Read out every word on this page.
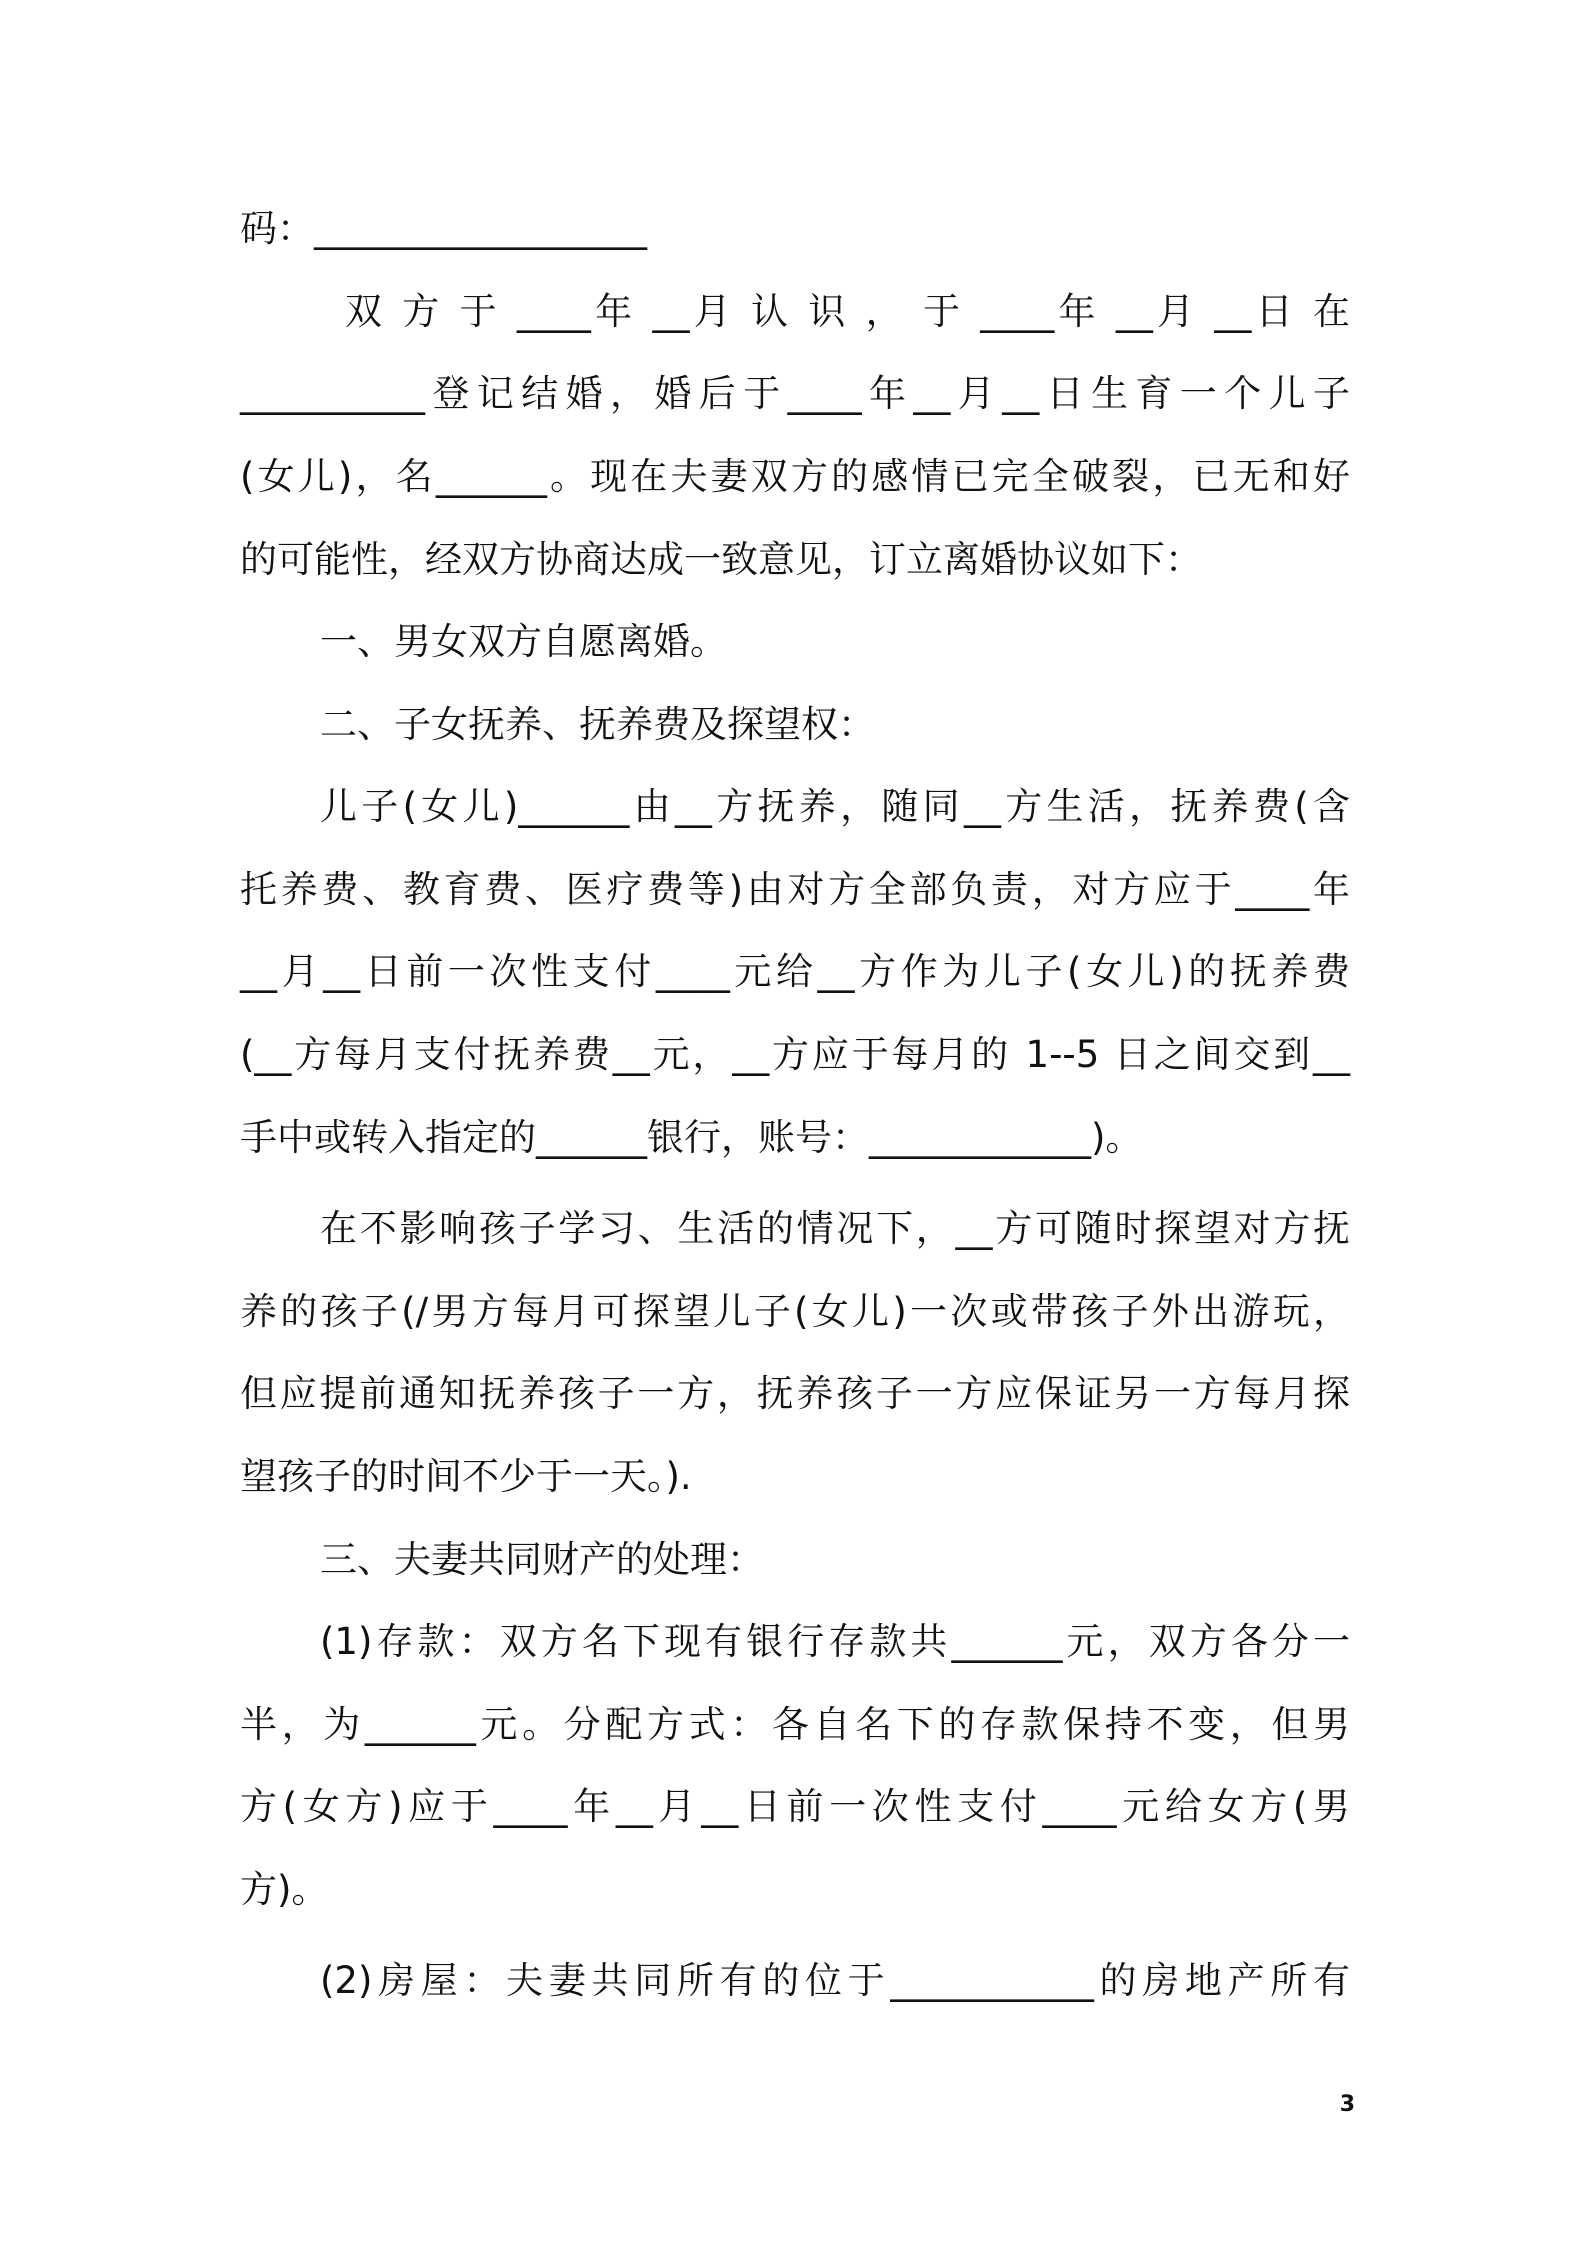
码：__________________
双 方 于 ____年 __月 认 识 ， 于 ____年 __月 __日 在
__________登记结婚，婚后于____年__月__日生育一个儿子
(女儿)，名______。现在夫妻双方的感情已完全破裂，已无和好
的可能性，经双方协商达成一致意见，订立离婚协议如下：
一、男女双方自愿离婚。
二、子女抚养、抚养费及探望权：
儿子(女儿)______由__方抚养，随同__方生活，抚养费(含
托养费、教育费、医疗费等)由对方全部负责，对方应于____年
__月__日前一次性支付____元给__方作为儿子(女儿)的抚养费
(__方每月支付抚养费__元，__方应于每月的 1--5 日之间交到__
手中或转入指定的______银行，账号：____________)。
在不影响孩子学习、生活的情况下，__方可随时探望对方抚
养的孩子(/男方每月可探望儿子(女儿)一次或带孩子外出游玩，
但应提前通知抚养孩子一方，抚养孩子一方应保证另一方每月探
望孩子的时间不少于一天。).
三、夫妻共同财产的处理：
(1)存款：双方名下现有银行存款共______元，双方各分一
半，为______元。分配方式：各自名下的存款保持不变，但男
方(女方)应于____年__月__日前一次性支付____元给女方(男
方)。
(2)房屋：夫妻共同所有的位于___________的房地产所有
3
